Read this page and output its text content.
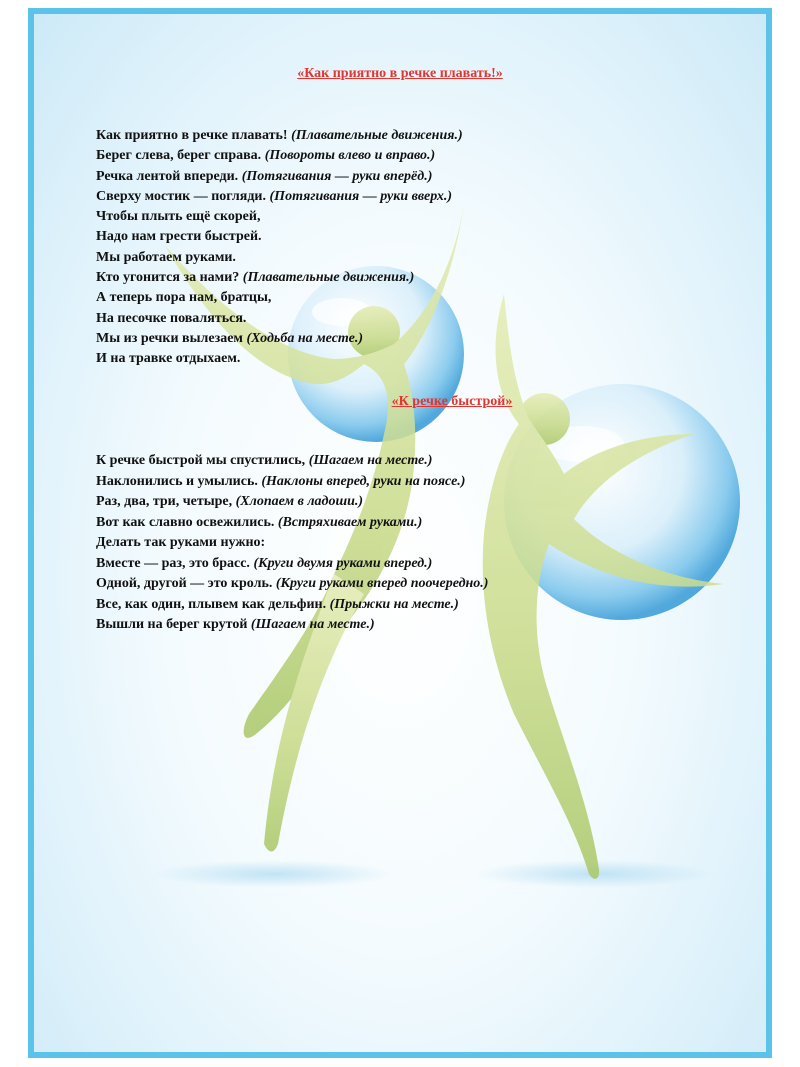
«Как приятно в речке плавать!»
Как приятно в речке плавать! (Плавательные движения.)
Берег слева, берег справа. (Повороты влево и вправо.)
Речка лентой впереди. (Потягивания — руки вперёд.)
Сверху мостик — погляди. (Потягивания — руки вверх.)
Чтобы плыть ещё скорей,
Надо нам грести быстрей.
Мы работаем руками.
Кто угонится за нами? (Плавательные движения.)
А теперь пора нам, братцы,
На песочке поваляться.
Мы из речки вылезаем (Ходьба на месте.)
И на травке отдыхаем.
«К речке быстрой»
К речке быстрой мы спустились, (Шагаем на месте.)
Наклонились и умылись. (Наклоны вперед, руки на поясе.)
Раз, два, три, четыре, (Хлопаем в ладоши.)
Вот как славно освежились. (Встряхиваем руками.)
Делать так руками нужно:
Вместе — раз, это брасс. (Круги двумя руками вперед.)
Одной, другой — это кроль. (Круги руками вперед поочередно.)
Все, как один, плывем как дельфин. (Прыжки на месте.)
Вышли на берег крутой (Шагаем на месте.)
